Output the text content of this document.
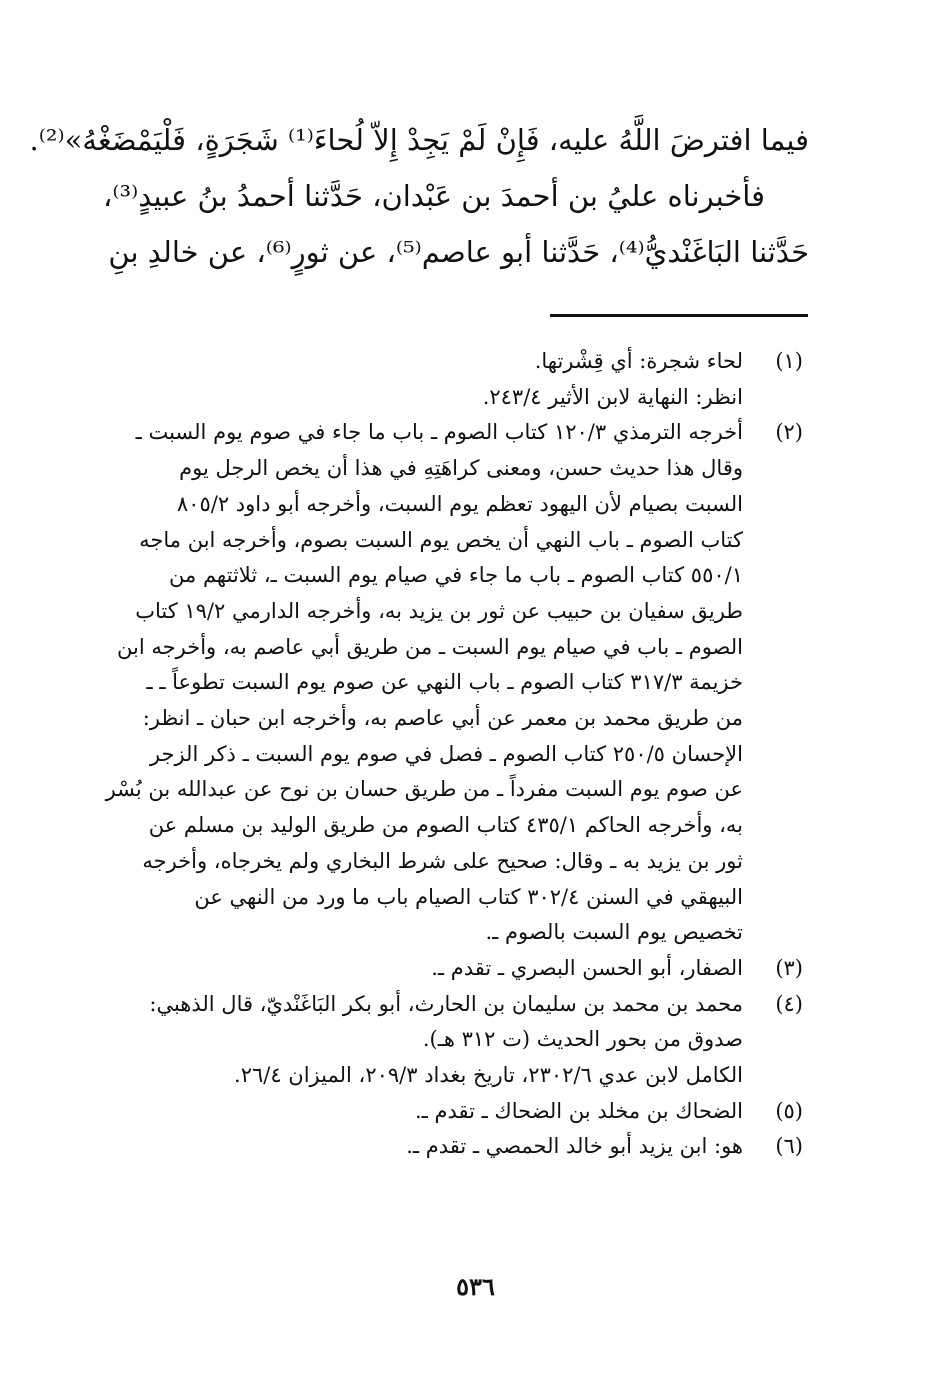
فيما افترضَ اللَّهُ عليه، فَإِنْ لَمْ يَجِدْ إِلاّ لُحاءَ⁽¹⁾ شَجَرَةٍ، فَلْيَمْضَغْهُ»⁽²⁾.
فأخبرناه عليُ بن أحمدَ بن عَبْدان، حَدَّثنا أحمدُ بنُ عبيدٍ⁽³⁾،
حَدَّثنا البَاغَنْديُّ⁽⁴⁾، حَدَّثنا أبو عاصم⁽⁵⁾، عن ثورٍ⁽⁶⁾، عن خالدِ بنِ
(١)
لحاء شجرة: أي قِشْرتها.
انظر: النهاية لابن الأثير ٢٤٣/٤.
(٢)
أخرجه الترمذي ١٢٠/٣ كتاب الصوم ـ باب ما جاء في صوم يوم السبت ـ
وقال هذا حديث حسن، ومعنى كراهَتِهِ في هذا أن يخص الرجل يوم
السبت بصيام لأن اليهود تعظم يوم السبت، وأخرجه أبو داود ٨٠٥/٢
كتاب الصوم ـ باب النهي أن يخص يوم السبت بصوم، وأخرجه ابن ماجه
٥٥٠/١ كتاب الصوم ـ باب ما جاء في صيام يوم السبت ـ، ثلاثتهم من
طريق سفيان بن حبيب عن ثور بن يزيد به، وأخرجه الدارمي ١٩/٢ كتاب
الصوم ـ باب في صيام يوم السبت ـ من طريق أبي عاصم به، وأخرجه ابن
خزيمة ٣١٧/٣ كتاب الصوم ـ باب النهي عن صوم يوم السبت تطوعاً ـ ـ
من طريق محمد بن معمر عن أبي عاصم به، وأخرجه ابن حبان ـ انظر:
الإحسان ٢٥٠/٥ كتاب الصوم ـ فصل في صوم يوم السبت ـ ذكر الزجر
عن صوم يوم السبت مفرداً ـ من طريق حسان بن نوح عن عبدالله بن بُسْر
به، وأخرجه الحاكم ٤٣٥/١ كتاب الصوم من طريق الوليد بن مسلم عن
ثور بن يزيد به ـ وقال: صحيح على شرط البخاري ولم يخرجاه، وأخرجه
البيهقي في السنن ٣٠٢/٤ كتاب الصيام باب ما ورد من النهي عن
تخصيص يوم السبت بالصوم ـ.
(٣)
الصفار، أبو الحسن البصري ـ تقدم ـ.
(٤)
محمد بن محمد بن سليمان بن الحارث، أبو بكر البَاغَنْديّ، قال الذهبي:
صدوق من بحور الحديث (ت ٣١٢ هـ).
الكامل لابن عدي ٢٣٠٢/٦، تاريخ بغداد ٢٠٩/٣، الميزان ٢٦/٤.
(٥)
الضحاك بن مخلد بن الضحاك ـ تقدم ـ.
(٦)
هو: ابن يزيد أبو خالد الحمصي ـ تقدم ـ.
٥٣٦
